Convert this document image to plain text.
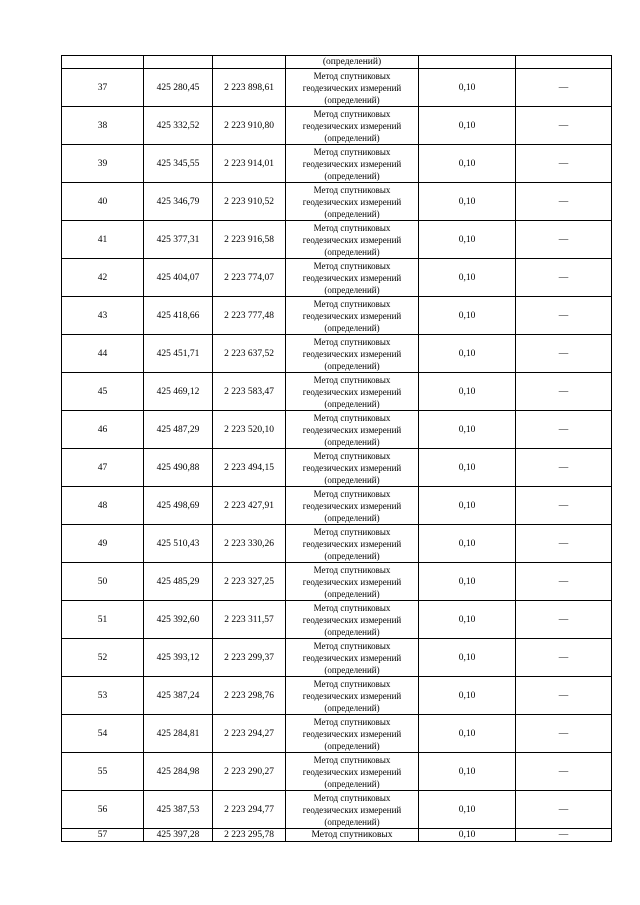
			(определений)		
37	425 280,45	2 223 898,61	Метод спутниковых
геодезических измерений
(определений)	0,10	—
38	425 332,52	2 223 910,80	Метод спутниковых
геодезических измерений
(определений)	0,10	—
39	425 345,55	2 223 914,01	Метод спутниковых
геодезических измерений
(определений)	0,10	—
40	425 346,79	2 223 910,52	Метод спутниковых
геодезических измерений
(определений)	0,10	—
41	425 377,31	2 223 916,58	Метод спутниковых
геодезических измерений
(определений)	0,10	—
42	425 404,07	2 223 774,07	Метод спутниковых
геодезических измерений
(определений)	0,10	—
43	425 418,66	2 223 777,48	Метод спутниковых
геодезических измерений
(определений)	0,10	—
44	425 451,71	2 223 637,52	Метод спутниковых
геодезических измерений
(определений)	0,10	—
45	425 469,12	2 223 583,47	Метод спутниковых
геодезических измерений
(определений)	0,10	—
46	425 487,29	2 223 520,10	Метод спутниковых
геодезических измерений
(определений)	0,10	—
47	425 490,88	2 223 494,15	Метод спутниковых
геодезических измерений
(определений)	0,10	—
48	425 498,69	2 223 427,91	Метод спутниковых
геодезических измерений
(определений)	0,10	—
49	425 510,43	2 223 330,26	Метод спутниковых
геодезических измерений
(определений)	0,10	—
50	425 485,29	2 223 327,25	Метод спутниковых
геодезических измерений
(определений)	0,10	—
51	425 392,60	2 223 311,57	Метод спутниковых
геодезических измерений
(определений)	0,10	—
52	425 393,12	2 223 299,37	Метод спутниковых
геодезических измерений
(определений)	0,10	—
53	425 387,24	2 223 298,76	Метод спутниковых
геодезических измерений
(определений)	0,10	—
54	425 284,81	2 223 294,27	Метод спутниковых
геодезических измерений
(определений)	0,10	—
55	425 284,98	2 223 290,27	Метод спутниковых
геодезических измерений
(определений)	0,10	—
56	425 387,53	2 223 294,77	Метод спутниковых
геодезических измерений
(определений)	0,10	—
57	425 397,28	2 223 295,78	Метод спутниковых	0,10	—
